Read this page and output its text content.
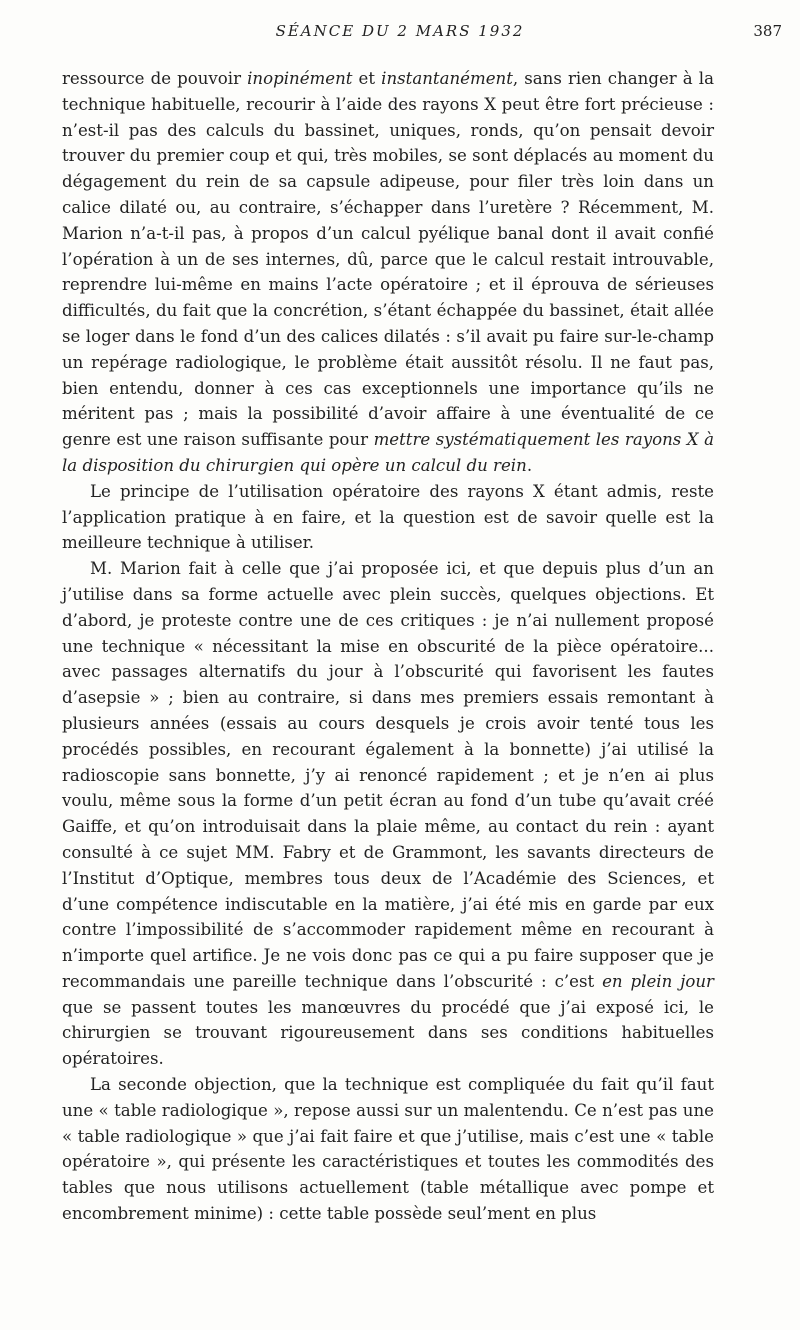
SÉANCE DU 2 MARS 1932	387

ressource de pouvoir inopinément et instantanément, sans rien changer à la technique habituelle, recourir à l’aide des rayons X peut être fort précieuse : n’est-il pas des calculs du bassinet, uniques, ronds, qu’on pensait devoir trouver du premier coup et qui, très mobiles, se sont déplacés au moment du dégagement du rein de sa capsule adipeuse, pour filer très loin dans un calice dilaté ou, au contraire, s’échapper dans l’uretère ? Récemment, M. Marion n’a-t-il pas, à propos d’un calcul pyélique banal dont il avait confié l’opération à un de ses internes, dû, parce que le calcul restait introuvable, reprendre lui-même en mains l’acte opératoire ; et il éprouva de sérieuses difficultés, du fait que la concrétion, s’étant échappée du bassinet, était allée se loger dans le fond d’un des calices dilatés : s’il avait pu faire sur-le-champ un repérage radiologique, le problème était aussitôt résolu. Il ne faut pas, bien entendu, donner à ces cas exceptionnels une importance qu’ils ne méritent pas ; mais la possibilité d’avoir affaire à une éventualité de ce genre est une raison suffisante pour mettre systématiquement les rayons X à la disposition du chirurgien qui opère un calcul du rein.

Le principe de l’utilisation opératoire des rayons X étant admis, reste l’application pratique à en faire, et la question est de savoir quelle est la meilleure technique à utiliser.

M. Marion fait à celle que j’ai proposée ici, et que depuis plus d’un an j’utilise dans sa forme actuelle avec plein succès, quelques objections. Et d’abord, je proteste contre une de ces critiques : je n’ai nullement proposé une technique « nécessitant la mise en obscurité de la pièce opératoire... avec passages alternatifs du jour à l’obscurité qui favorisent les fautes d’asepsie » ; bien au contraire, si dans mes premiers essais remontant à plusieurs années (essais au cours desquels je crois avoir tenté tous les procédés possibles, en recourant également à la bonnette) j’ai utilisé la radioscopie sans bonnette, j’y ai renoncé rapidement ; et je n’en ai plus voulu, même sous la forme d’un petit écran au fond d’un tube qu’avait créé Gaiffe, et qu’on introduisait dans la plaie même, au contact du rein : ayant consulté à ce sujet MM. Fabry et de Grammont, les savants directeurs de l’Institut d’Optique, membres tous deux de l’Académie des Sciences, et d’une compétence indiscutable en la matière, j’ai été mis en garde par eux contre l’impossibilité de s’accommoder rapidement même en recourant à n’importe quel artifice. Je ne vois donc pas ce qui a pu faire supposer que je recommandais une pareille technique dans l’obscurité : c’est en plein jour que se passent toutes les manœuvres du procédé que j’ai exposé ici, le chirurgien se trouvant rigoureusement dans ses conditions habituelles opératoires.

La seconde objection, que la technique est compliquée du fait qu’il faut une « table radiologique », repose aussi sur un malentendu. Ce n’est pas une « table radiologique » que j’ai fait faire et que j’utilise, mais c’est une « table opératoire », qui présente les caractéristiques et toutes les commodités des tables que nous utilisons actuellement (table métallique avec pompe et encombrement minime) : cette table possède seul’ment en plus
